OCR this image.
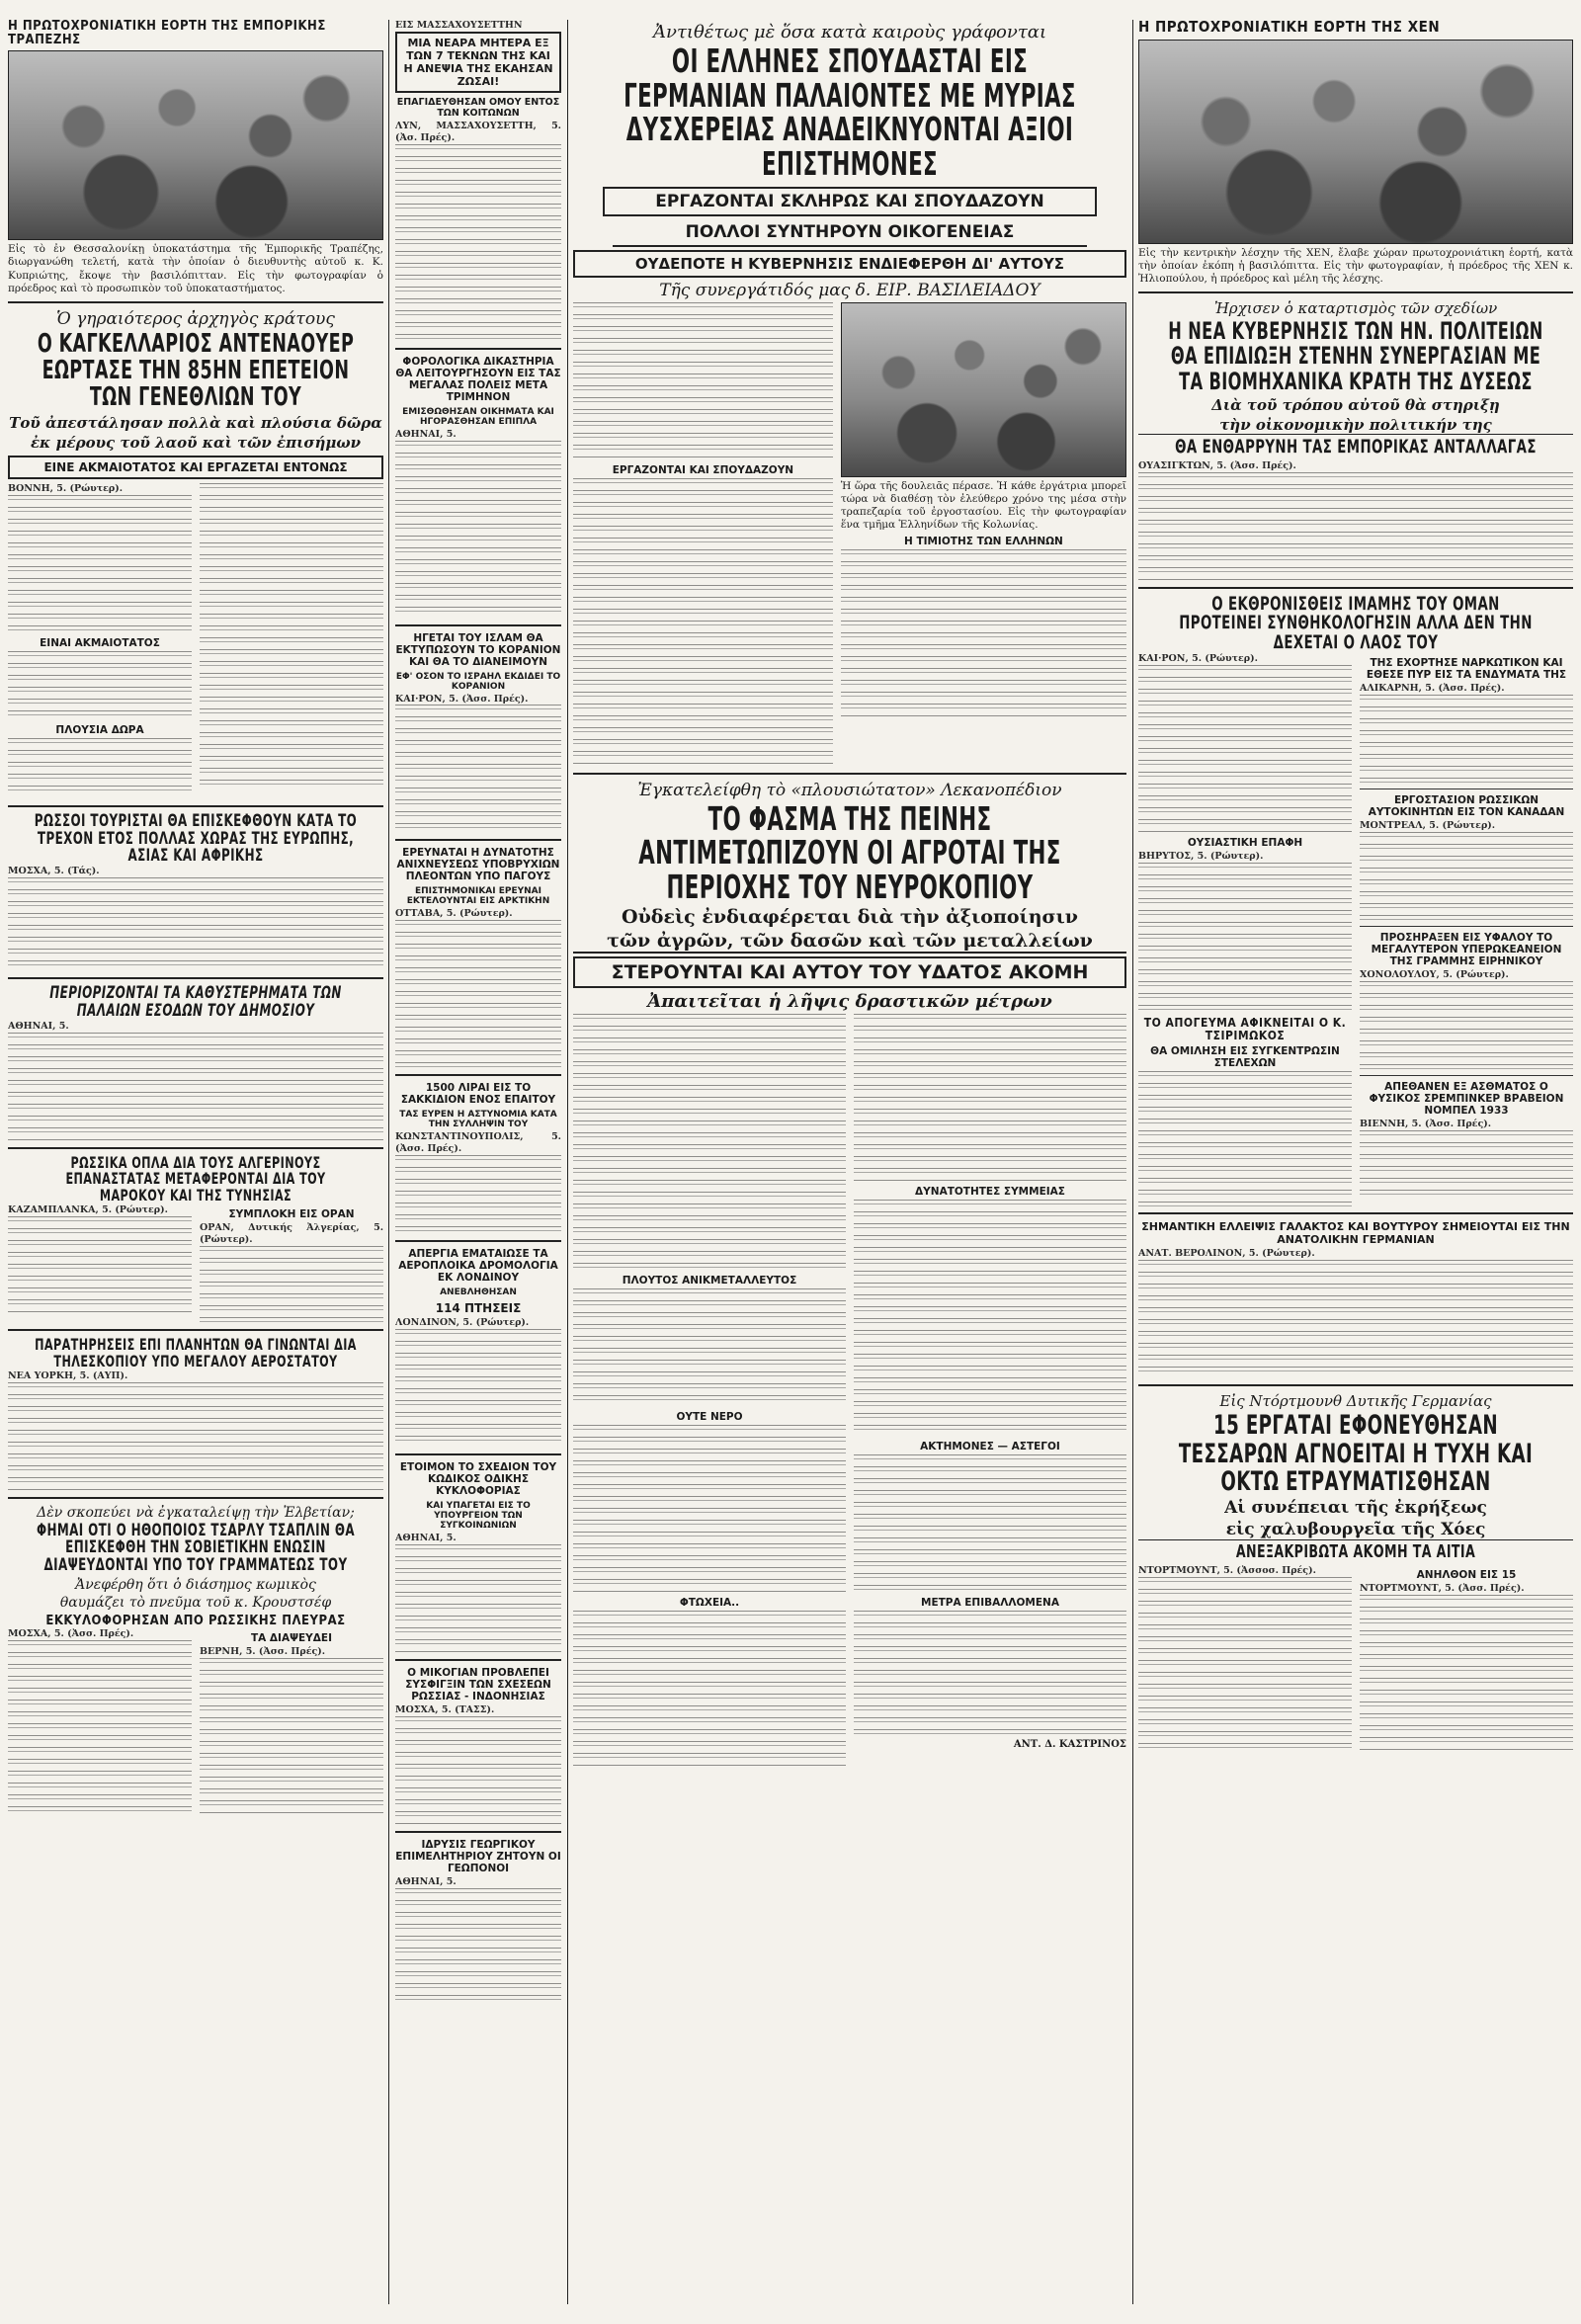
Η ΠΡΩΤΟΧΡΟΝΙΑΤΙΚΗ ΕΟΡΤΗ ΤΗΣ ΕΜΠΟΡΙΚΗΣ ΤΡΑΠΕΖΗΣ
Εἰς τὸ ἐν Θεσσαλονίκῃ ὑποκατάστημα τῆς Ἐμπορικῆς Τραπέζης, διωργανώθη τελετή, κατὰ τὴν ὁποίαν ὁ διευθυντὴς αὐτοῦ κ. Κ. Κυπριώτης, ἔκοψε τὴν βασιλόπιτταν. Εἰς τὴν φωτογραφίαν ὁ πρόεδρος καὶ τὸ προσωπικὸν τοῦ ὑποκαταστήματος.
Ὁ γηραιότερος ἀρχηγὸς κράτους
Ο ΚΑΓΚΕΛΛΑΡΙΟΣ ΑΝΤΕΝΑΟΥΕΡ ΕΩΡΤΑΣΕ ΤΗΝ 85ΗΝ ΕΠΕΤΕΙΟΝ ΤΩΝ ΓΕΝΕΘΛΙΩΝ ΤΟΥ
Τοῦ ἀπεστάλησαν πολλὰ καὶ πλούσια δῶρα
ἐκ μέρους τοῦ λαοῦ καὶ τῶν ἐπισήμων
ΕΙΝΕ ΑΚΜΑΙΟΤΑΤΟΣ ΚΑΙ ΕΡΓΑΖΕΤΑΙ ΕΝΤΟΝΩΣ
ΒΟΝΝΗ, 5. (Ρώυτερ).
ΕΙΝΑΙ ΑΚΜΑΙΟΤΑΤΟΣ
ΠΛΟΥΣΙΑ ΔΩΡΑ
ΡΩΣΣΟΙ ΤΟΥΡΙΣΤΑΙ ΘΑ ΕΠΙΣΚΕΦΘΟΥΝ ΚΑΤΑ ΤΟ ΤΡΕΧΟΝ ΕΤΟΣ ΠΟΛΛΑΣ ΧΩΡΑΣ ΤΗΣ ΕΥΡΩΠΗΣ, ΑΣΙΑΣ ΚΑΙ ΑΦΡΙΚΗΣ
ΜΟΣΧΑ, 5. (Τάς).
ΠΕΡΙΟΡΙΖΟΝΤΑΙ ΤΑ ΚΑΘΥΣΤΕΡΗΜΑΤΑ ΤΩΝ ΠΑΛΑΙΩΝ ΕΣΟΔΩΝ ΤΟΥ ΔΗΜΟΣΙΟΥ
ΑΘΗΝΑΙ, 5.
ΡΩΣΣΙΚΑ ΟΠΛΑ ΔΙΑ ΤΟΥΣ ΑΛΓΕΡΙΝΟΥΣ ΕΠΑΝΑΣΤΑΤΑΣ ΜΕΤΑΦΕΡΟΝΤΑΙ ΔΙΑ ΤΟΥ ΜΑΡΟΚΟΥ ΚΑΙ ΤΗΣ ΤΥΝΗΣΙΑΣ
ΚΑΖΑΜΠΛΑΝΚΑ, 5. (Ρώυτερ).	ΣΥΜΠΛΟΚΗ ΕΙΣ ΟΡΑΝ
ΟΡΑΝ, Δυτικής Ἀλγερίας, 5. (Ρώυτερ).
ΠΑΡΑΤΗΡΗΣΕΙΣ ΕΠΙ ΠΛΑΝΗΤΩΝ ΘΑ ΓΙΝΩΝΤΑΙ ΔΙΑ ΤΗΛΕΣΚΟΠΙΟΥ ΥΠΟ ΜΕΓΑΛΟΥ ΑΕΡΟΣΤΑΤΟΥ
ΝΕΑ ΥΟΡΚΗ, 5. (ΑΥΠ).
Δὲν σκοπεύει νὰ ἐγκαταλείψῃ τὴν Ἐλβετίαν;
ΦΗΜΑΙ ΟΤΙ Ο ΗΘΟΠΟΙΟΣ ΤΣΑΡΛΥ ΤΣΑΠΛΙΝ ΘΑ ΕΠΙΣΚΕΦΘΗ ΤΗΝ ΣΟΒΙΕΤΙΚΗΝ ΕΝΩΣΙΝ ΔΙΑΨΕΥΔΟΝΤΑΙ ΥΠΟ ΤΟΥ ΓΡΑΜΜΑΤΕΩΣ ΤΟΥ
Ἀνεφέρθη ὅτι ὁ διάσημος κωμικὸς
θαυμάζει τὸ πνεῦμα τοῦ κ. Κρουστσέφ
ΕΚΚΥΛΟΦΟΡΗΣΑΝ ΑΠΟ ΡΩΣΣΙΚΗΣ ΠΛΕΥΡΑΣ
ΜΟΣΧΑ, 5. (Ἀσσ. Πρές).	ΤΑ ΔΙΑΨΕΥΔΕΙ
ΒΕΡΝΗ, 5. (Ἀσσ. Πρές).
ΕΙΣ ΜΑΣΣΑΧΟΥΣΕΤΤΗΝ
ΜΙΑ ΝΕΑΡΑ ΜΗΤΕΡΑ ΕΞ ΤΩΝ 7 ΤΕΚΝΩΝ ΤΗΣ ΚΑΙ Η ΑΝΕΨΙΑ ΤΗΣ ΕΚΑΗΣΑΝ ΖΩΣΑΙ!
ΕΠΑΓΙΔΕΥΘΗΣΑΝ ΟΜΟΥ ΕΝΤΟΣ ΤΩΝ ΚΟΙΤΩΝΩΝ
ΛΥΝ, ΜΑΣΣΑΧΟΥΣΕΤΤΗ, 5. (Ἀσ. Πρές).
ΦΟΡΟΛΟΓΙΚΑ ΔΙΚΑΣΤΗΡΙΑ ΘΑ ΛΕΙΤΟΥΡΓΗΣΟΥΝ ΕΙΣ ΤΑΣ ΜΕΓΑΛΑΣ ΠΟΛΕΙΣ ΜΕΤΑ ΤΡΙΜΗΝΟΝ
ΕΜΙΣΘΩΘΗΣΑΝ ΟΙΚΗΜΑΤΑ ΚΑΙ ΗΓΟΡΑΣΘΗΣΑΝ ΕΠΙΠΛΑ
ΑΘΗΝΑΙ, 5.
ΗΓΕΤΑΙ ΤΟΥ ΙΣΛΑΜ ΘΑ ΕΚΤΥΠΩΣΟΥΝ ΤΟ ΚΟΡΑΝΙΟΝ ΚΑΙ ΘΑ ΤΟ ΔΙΑΝΕΙΜΟΥΝ
ΕΦ' ΟΣΟΝ ΤΟ ΙΣΡΑΗΛ ΕΚΔΙΔΕΙ ΤΟ ΚΟΡΑΝΙΟΝ
ΚΑΙ·ΡΟΝ, 5. (Ἀσσ. Πρές).
ΕΡΕΥΝΑΤΑΙ Η ΔΥΝΑΤΟΤΗΣ ΑΝΙΧΝΕΥΣΕΩΣ ΥΠΟΒΡΥΧΙΩΝ ΠΛΕΟΝΤΩΝ ΥΠΟ ΠΑΓΟΥΣ
ΕΠΙΣΤΗΜΟΝΙΚΑΙ ΕΡΕΥΝΑΙ ΕΚΤΕΛΟΥΝΤΑΙ ΕΙΣ ΑΡΚΤΙΚΗΝ
ΟΤΤΑΒΑ, 5. (Ρώυτερ).
1500 ΛΙΡΑΙ ΕΙΣ ΤΟ ΣΑΚΚΙΔΙΟΝ ΕΝΟΣ ΕΠΑΙΤΟΥ
ΤΑΣ ΕΥΡΕΝ Η ΑΣΤΥΝΟΜΙΑ ΚΑΤΑ ΤΗΝ ΣΥΛΛΗΨΙΝ ΤΟΥ
ΚΩΝΣΤΑΝΤΙΝΟΥΠΟΛΙΣ, 5. (Ἀσσ. Πρές).
ΑΠΕΡΓΙΑ ΕΜΑΤΑΙΩΣΕ ΤΑ ΑΕΡΟΠΛΟΙΚΑ ΔΡΟΜΟΛΟΓΙΑ ΕΚ ΛΟΝΔΙΝΟΥ
ΑΝΕΒΛΗΘΗΣΑΝ
114 ΠΤΗΣΕΙΣ
ΛΟΝΔΙΝΟΝ, 5. (Ρώυτερ).
ΕΤΟΙΜΟΝ ΤΟ ΣΧΕΔΙΟΝ ΤΟΥ ΚΩΔΙΚΟΣ ΟΔΙΚΗΣ ΚΥΚΛΟΦΟΡΙΑΣ
ΚΑΙ ΥΠΑΓΕΤΑΙ ΕΙΣ ΤΟ ΥΠΟΥΡΓΕΙΟΝ ΤΩΝ ΣΥΓΚΟΙΝΩΝΙΩΝ
ΑΘΗΝΑΙ, 5.
Ο ΜΙΚΟΓΙΑΝ ΠΡΟΒΛΕΠΕΙ ΣΥΣΦΙΓΞΙΝ ΤΩΝ ΣΧΕΣΕΩΝ ΡΩΣΣΙΑΣ - ΙΝΔΟΝΗΣΙΑΣ
ΜΟΣΧΑ, 5. (ΤΑΣΣ).
ΙΔΡΥΣΙΣ ΓΕΩΡΓΙΚΟΥ ΕΠΙΜΕΛΗΤΗΡΙΟΥ ΖΗΤΟΥΝ ΟΙ ΓΕΩΠΟΝΟΙ
ΑΘΗΝΑΙ, 5.
Ἀντιθέτως μὲ ὅσα κατὰ καιροὺς γράφονται
ΟΙ ΕΛΛΗΝΕΣ ΣΠΟΥΔΑΣΤΑΙ ΕΙΣ ΓΕΡΜΑΝΙΑΝ ΠΑΛΑΙΟΝΤΕΣ ΜΕ ΜΥΡΙΑΣ ΔΥΣΧΕΡΕΙΑΣ ΑΝΑΔΕΙΚΝΥΟΝΤΑΙ ΑΞΙΟΙ ΕΠΙΣΤΗΜΟΝΕΣ
ΕΡΓΑΖΟΝΤΑΙ ΣΚΛΗΡΩΣ ΚΑΙ ΣΠΟΥΔΑΖΟΥΝ
ΠΟΛΛΟΙ ΣΥΝΤΗΡΟΥΝ ΟΙΚΟΓΕΝΕΙΑΣ
ΟΥΔΕΠΟΤΕ Η ΚΥΒΕΡΝΗΣΙΣ ΕΝΔΙΕΦΕΡΘΗ ΔΙ' ΑΥΤΟΥΣ
Τῆς συνεργάτιδός μας δ. ΕΙΡ. ΒΑΣΙΛΕΙΑΔΟΥ
ΕΡΓΑΖΟΝΤΑΙ ΚΑΙ ΣΠΟΥΔΑΖΟΥΝ
Ἡ ὥρα τῆς δουλειᾶς πέρασε. Ἡ κάθε ἐργάτρια μπορεῖ τώρα νὰ διαθέσῃ τὸν ἐλεύθερο χρόνο της μέσα στὴν τραπεζαρία τοῦ ἐργοστασίου. Εἰς τὴν φωτογραφίαν ἕνα τμῆμα Ἑλληνίδων τῆς Κολωνίας.
Η ΤΙΜΙΟΤΗΣ ΤΩΝ ΕΛΛΗΝΩΝ
Ἐγκατελείφθη τὸ «πλουσιώτατον» Λεκανοπέδιον
ΤΟ ΦΑΣΜΑ ΤΗΣ ΠΕΙΝΗΣ ΑΝΤΙΜΕΤΩΠΙΖΟΥΝ ΟΙ ΑΓΡΟΤΑΙ ΤΗΣ ΠΕΡΙΟΧΗΣ ΤΟΥ ΝΕΥΡΟΚΟΠΙΟΥ
Οὐδεὶς ἐνδιαφέρεται διὰ τὴν ἀξιοποίησιν
τῶν ἀγρῶν, τῶν δασῶν καὶ τῶν μεταλλείων
ΣΤΕΡΟΥΝΤΑΙ ΚΑΙ ΑΥΤΟΥ ΤΟΥ ΥΔΑΤΟΣ ΑΚΟΜΗ
Ἀπαιτεῖται ἡ λῆψις δραστικῶν μέτρων
ΠΛΟΥΤΟΣ ΑΝΙΚΜΕΤΑΛΛΕΥΤΟΣ
ΟΥΤΕ ΝΕΡΟ
ΦΤΩΧΕΙΑ..
ΔΥΝΑΤΟΤΗΤΕΣ ΣΥΜΜΕΙΑΣ
ΑΚΤΗΜΟΝΕΣ — ΑΣΤΕΓΟΙ
ΜΕΤΡΑ ΕΠΙΒΑΛΛΟΜΕΝΑ
ΑΝΤ. Δ. ΚΑΣΤΡΙΝΟΣ
Η ΠΡΩΤΟΧΡΟΝΙΑΤΙΚΗ ΕΟΡΤΗ ΤΗΣ ΧΕΝ
Εἰς τὴν κεντρικὴν λέσχην τῆς ΧΕΝ, ἔλαβε χώραν πρωτοχρονιάτικη ἑορτή, κατὰ τὴν ὁποίαν ἐκόπη ἡ βασιλόπιττα. Εἰς τὴν φωτογραφίαν, ἡ πρόεδρος τῆς ΧΕΝ κ. Ἠλιοπούλου, ἡ πρόεδρος καὶ μέλη τῆς λέσχης.
Ἠρχισεν ὁ καταρτισμὸς τῶν σχεδίων
Η ΝΕΑ ΚΥΒΕΡΝΗΣΙΣ ΤΩΝ ΗΝ. ΠΟΛΙΤΕΙΩΝ ΘΑ ΕΠΙΔΙΩΞΗ ΣΤΕΝΗΝ ΣΥΝΕΡΓΑΣΙΑΝ ΜΕ ΤΑ ΒΙΟΜΗΧΑΝΙΚΑ ΚΡΑΤΗ ΤΗΣ ΔΥΣΕΩΣ
Διὰ τοῦ τρόπου αὐτοῦ θὰ στηριξῃ
τὴν οἰκονομικὴν πολιτικήν της
ΘΑ ΕΝΘΑΡΡΥΝΗ ΤΑΣ ΕΜΠΟΡΙΚΑΣ ΑΝΤΑΛΛΑΓΑΣ
ΟΥΑΣΙΓΚΤΩΝ, 5. (Ἀσσ. Πρές).
Ο ΕΚΘΡΟΝΙΣΘΕΙΣ ΙΜΑΜΗΣ ΤΟΥ ΟΜΑΝ ΠΡΟΤΕΙΝΕΙ ΣΥΝΘΗΚΟΛΟΓΗΣΙΝ ΑΛΛΑ ΔΕΝ ΤΗΝ ΔΕΧΕΤΑΙ Ο ΛΑΟΣ ΤΟΥ
ΚΑΙ·ΡΟΝ, 5. (Ρώυτερ).
ΟΥΣΙΑΣΤΙΚΗ ΕΠΑΦΗ
ΒΗΡΥΤΟΣ, 5. (Ρώυτερ).
ΤΟ ΑΠΟΓΕΥΜΑ ΑΦΙΚΝΕΙΤΑΙ Ο Κ. ΤΣΙΡΙΜΩΚΟΣ
ΘΑ ΟΜΙΛΗΣΗ ΕΙΣ ΣΥΓΚΕΝΤΡΩΣΙΝ ΣΤΕΛΕΧΩΝ
ΤΗΣ ΕΧΟΡΤΗΣΕ ΝΑΡΚΩΤΙΚΟΝ ΚΑΙ ΕΘΕΣΕ ΠΥΡ ΕΙΣ ΤΑ ΕΝΔΥΜΑΤΑ ΤΗΣ
ΑΛΙΚΑΡΝΗ, 5. (Ἀσσ. Πρές).
ΕΡΓΟΣΤΑΣΙΟΝ ΡΩΣΣΙΚΩΝ ΑΥΤΟΚΙΝΗΤΩΝ ΕΙΣ ΤΟΝ ΚΑΝΑΔΑΝ
ΜΟΝΤΡΕΑΛ, 5. (Ρώυτερ).
ΠΡΟΣΗΡΑΞΕΝ ΕΙΣ ΥΦΑΛΟΥ ΤΟ ΜΕΓΑΛΥΤΕΡΟΝ ΥΠΕΡΩΚΕΑΝΕΙΟΝ ΤΗΣ ΓΡΑΜΜΗΣ ΕΙΡΗΝΙΚΟΥ
ΧΟΝΟΛΟΥΛΟΥ, 5. (Ρώυτερ).
ΑΠΕΘΑΝΕΝ ΕΞ ΑΣΘΜΑΤΟΣ Ο ΦΥΣΙΚΟΣ ΣΡΕΜΠΙΝΚΕΡ ΒΡΑΒΕΙΟΝ ΝΟΜΠΕΛ 1933
ΒΙΕΝΝΗ, 5. (Ἀσσ. Πρές).
ΣΗΜΑΝΤΙΚΗ ΕΛΛΕΙΨΙΣ ΓΑΛΑΚΤΟΣ ΚΑΙ ΒΟΥΤΥΡΟΥ ΣΗΜΕΙΟΥΤΑΙ ΕΙΣ ΤΗΝ ΑΝΑΤΟΛΙΚΗΝ ΓΕΡΜΑΝΙΑΝ
ΑΝΑΤ. ΒΕΡΟΛΙΝΟΝ, 5. (Ρώυτερ).
Εἰς Ντόρτμουνθ Δυτικῆς Γερμανίας
15 ΕΡΓΑΤΑΙ ΕΦΟΝΕΥΘΗΣΑΝ ΤΕΣΣΑΡΩΝ ΑΓΝΟΕΙΤΑΙ Η ΤΥΧΗ ΚΑΙ ΟΚΤΩ ΕΤΡΑΥΜΑΤΙΣΘΗΣΑΝ
Αἱ συνέπειαι τῆς ἐκρήξεως
εἰς χαλυβουργεῖα τῆς Χόες
ΑΝΕΞΑΚΡΙΒΩΤΑ ΑΚΟΜΗ ΤΑ ΑΙΤΙΑ
ΝΤΟΡΤΜΟΥΝΤ, 5. (Ἀσσοσ. Πρές).	ΑΝΗΛΘΟΝ ΕΙΣ 15
ΝΤΟΡΤΜΟΥΝΤ, 5. (Ἀσσ. Πρές).
